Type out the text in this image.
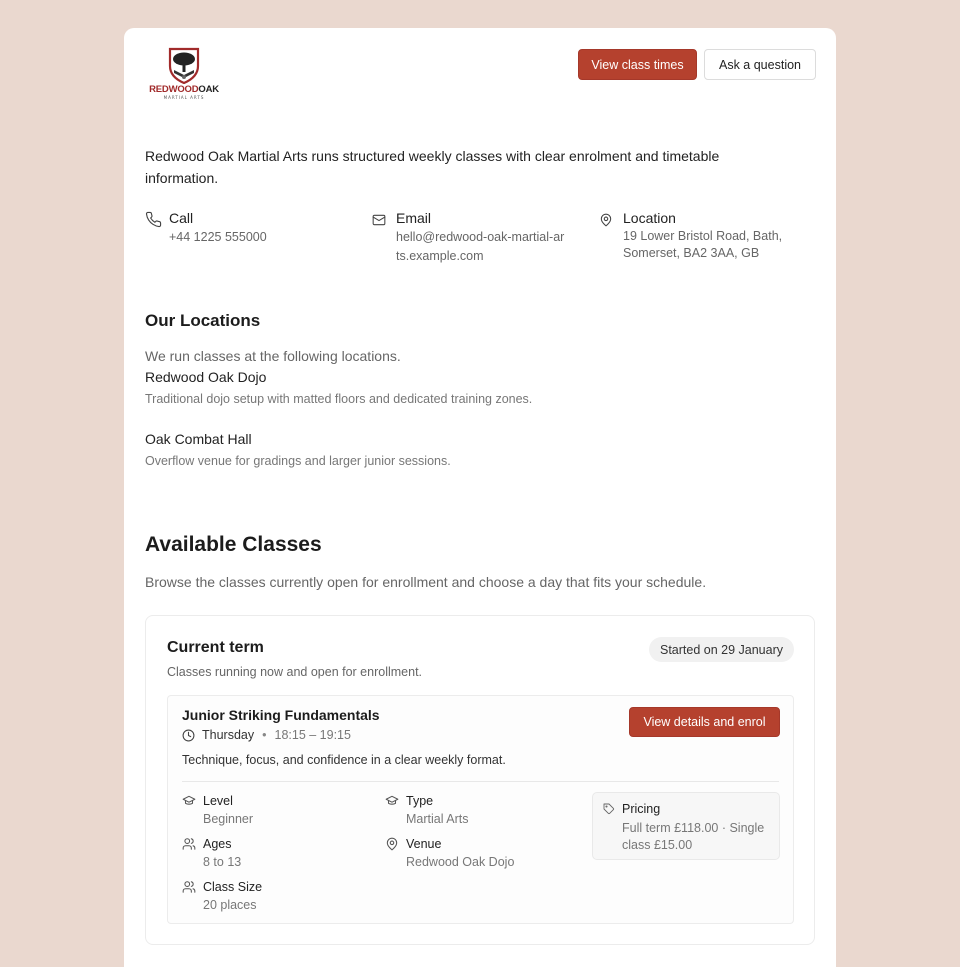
REDWOODOAK
MARTIAL ARTS
View class times	Ask a question

Redwood Oak Martial Arts runs structured weekly classes with clear enrolment and timetable information.

Call
+44 1225 555000
Email
hello@redwood-oak-martial-arts.example.com
Location
19 Lower Bristol Road, Bath, Somerset, BA2 3AA, GB
Our Locations
We run classes at the following locations.
Redwood Oak Dojo
Traditional dojo setup with matted floors and dedicated training zones.
Oak Combat Hall
Overflow venue for gradings and larger junior sessions.
Available Classes
Browse the classes currently open for enrollment and choose a day that fits your schedule.
Current term
Classes running now and open for enrollment.
Started on 29 January
Junior Striking Fundamentals
Thursday • 18:15 – 19:15
Technique, focus, and confidence in a clear weekly format.
View details and enrol
Level
Beginner
Type
Martial Arts
Ages
8 to 13
Venue
Redwood Oak Dojo
Class Size
20 places
Pricing
Full term £118.00 · Single class £15.00
